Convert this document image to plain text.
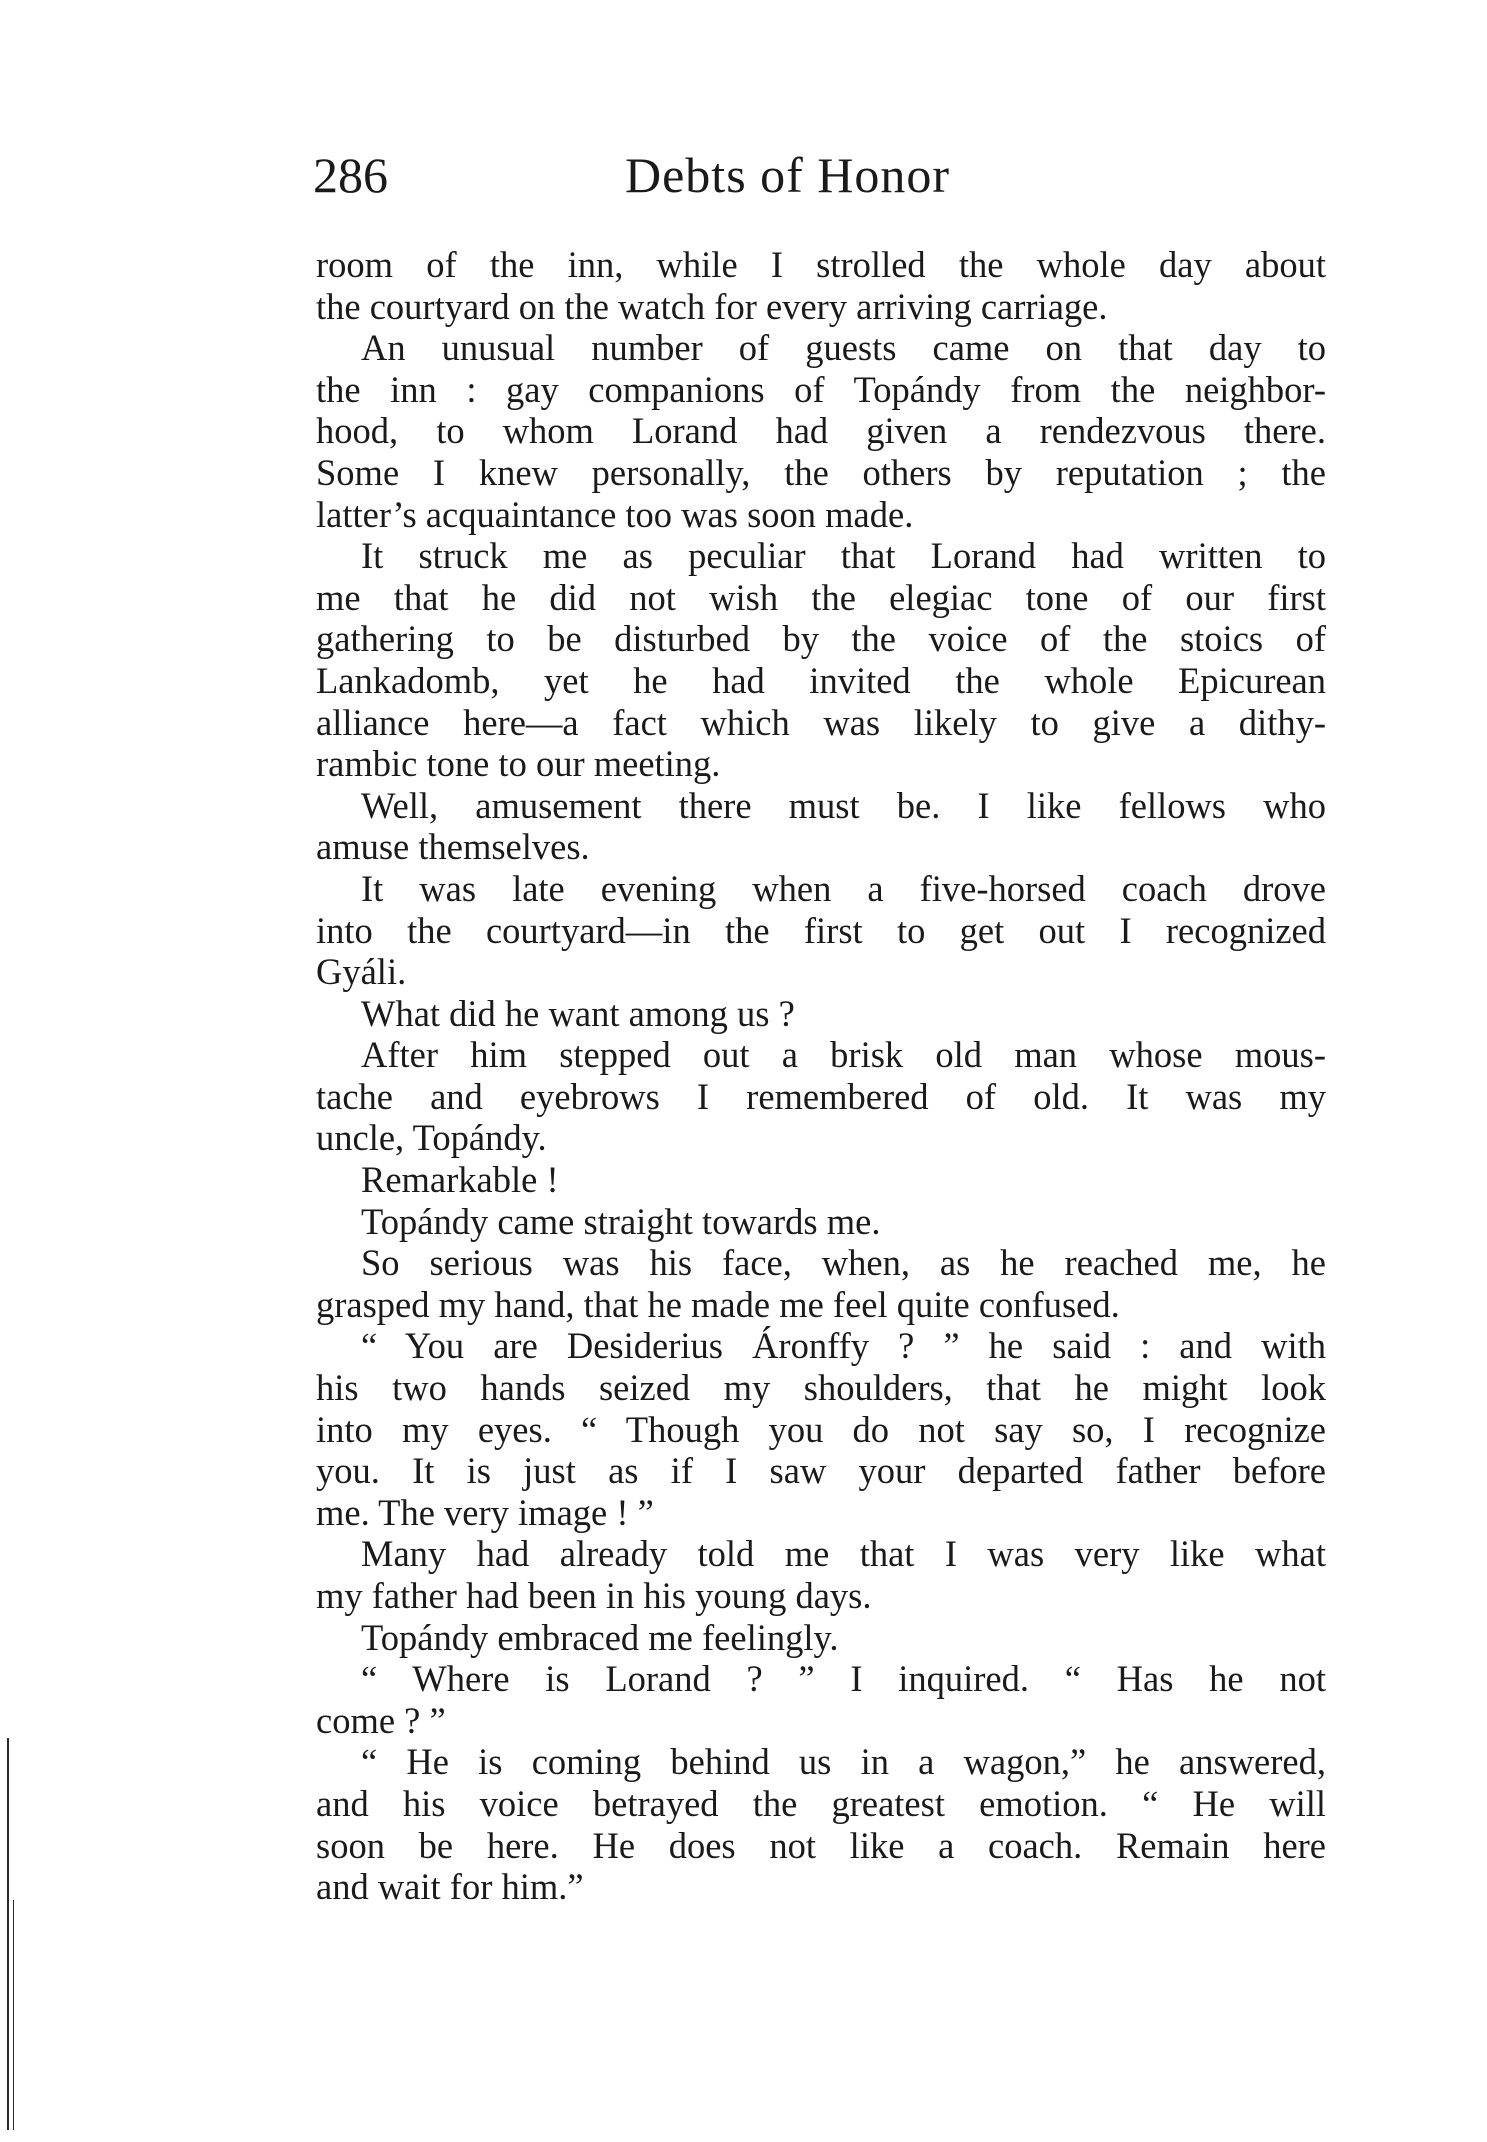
286	Debts of Honor
room of the inn, while I strolled the whole day about
the courtyard on the watch for every arriving carriage.
An unusual number of guests came on that day to
the inn : gay companions of Topándy from the neighbor-
hood, to whom Lorand had given a rendezvous there.
Some I knew personally, the others by reputation ; the
latter’s acquaintance too was soon made.
It struck me as peculiar that Lorand had written to
me that he did not wish the elegiac tone of our first
gathering to be disturbed by the voice of the stoics of
Lankadomb, yet he had invited the whole Epicurean
alliance here—a fact which was likely to give a dithy-
rambic tone to our meeting.
Well, amusement there must be. I like fellows who
amuse themselves.
It was late evening when a five-horsed coach drove
into the courtyard—in the first to get out I recognized
Gyáli.
What did he want among us ?
After him stepped out a brisk old man whose mous-
tache and eyebrows I remembered of old. It was my
uncle, Topándy.
Remarkable !
Topándy came straight towards me.
So serious was his face, when, as he reached me, he
grasped my hand, that he made me feel quite confused.
“ You are Desiderius Áronffy ? ” he said : and with
his two hands seized my shoulders, that he might look
into my eyes. “ Though you do not say so, I recognize
you. It is just as if I saw your departed father before
me. The very image ! ”
Many had already told me that I was very like what
my father had been in his young days.
Topándy embraced me feelingly.
“ Where is Lorand ? ” I inquired. “ Has he not
come ? ”
“ He is coming behind us in a wagon,” he answered,
and his voice betrayed the greatest emotion. “ He will
soon be here. He does not like a coach. Remain here
and wait for him.”
